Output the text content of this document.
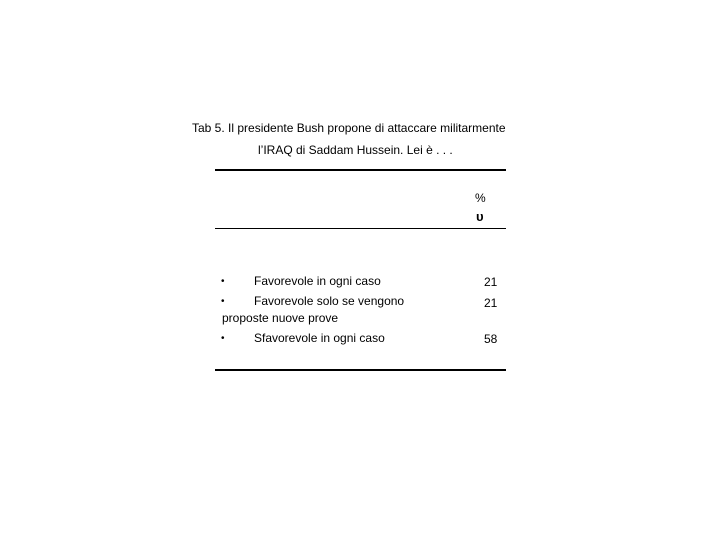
Tab 5. Il presidente Bush propone di attaccare militarmente
l’IRAQ di Saddam Hussein. Lei è . . .
%
υ
• Favorevole in ogni caso	21
• Favorevole solo se vengono
proposte nuove prove
21
• Sfavorevole in ogni caso	58
